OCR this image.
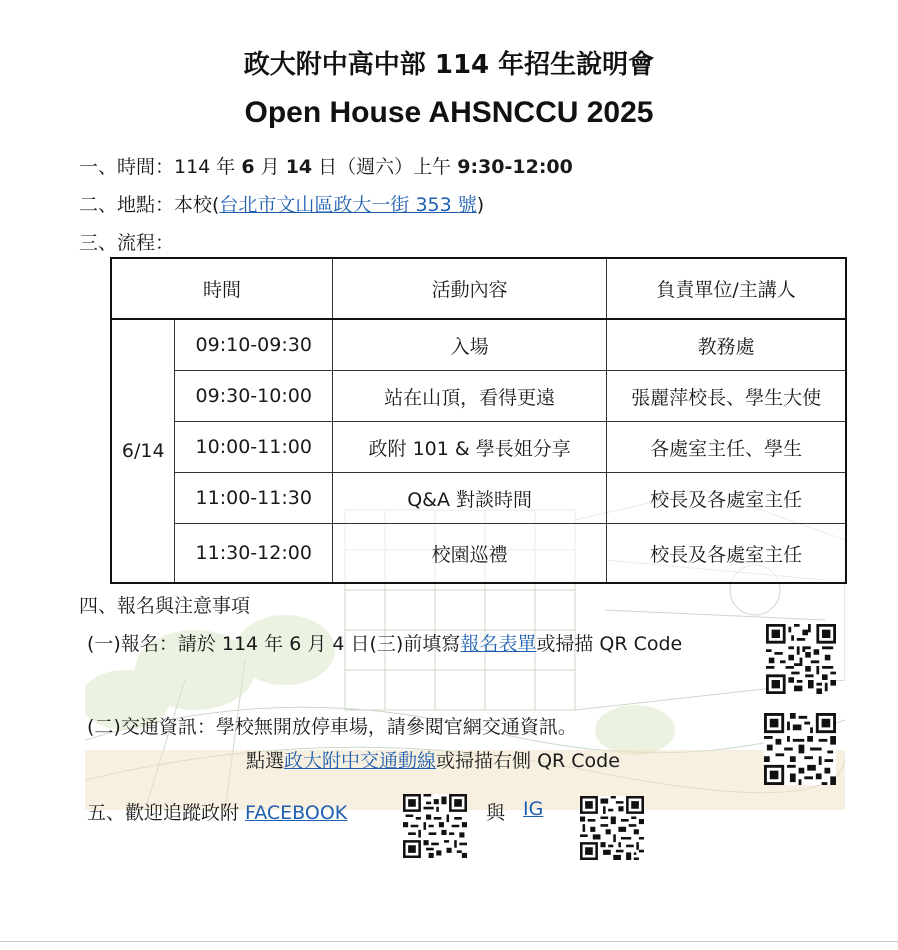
政大附中高中部 114 年招生說明會
Open House AHSNCCU 2025
一、時間：114 年 6 月 14 日（週六）上午 9:30-12:00
二、地點：本校(台北市文山區政大一街 353 號)
三、流程：
時間		活動內容	負責單位/主講人
6/14	09:10-09:30	入場	教務處
	09:30-10:00	站在山頂，看得更遠	張麗萍校長、學生大使
	10:00-11:00	政附 101 & 學長姐分享	各處室主任、學生
	11:00-11:30	Q&A 對談時間	校長及各處室主任
	11:30-12:00	校園巡禮	校長及各處室主任
四、報名與注意事項
(一)報名：請於 114 年 6 月 4 日(三)前填寫報名表單或掃描 QR Code
(二)交通資訊：學校無開放停車場，請參閱官網交通資訊。
點選政大附中交通動線或掃描右側 QR Code
五、歡迎追蹤政附 FACEBOOK	與 IG
